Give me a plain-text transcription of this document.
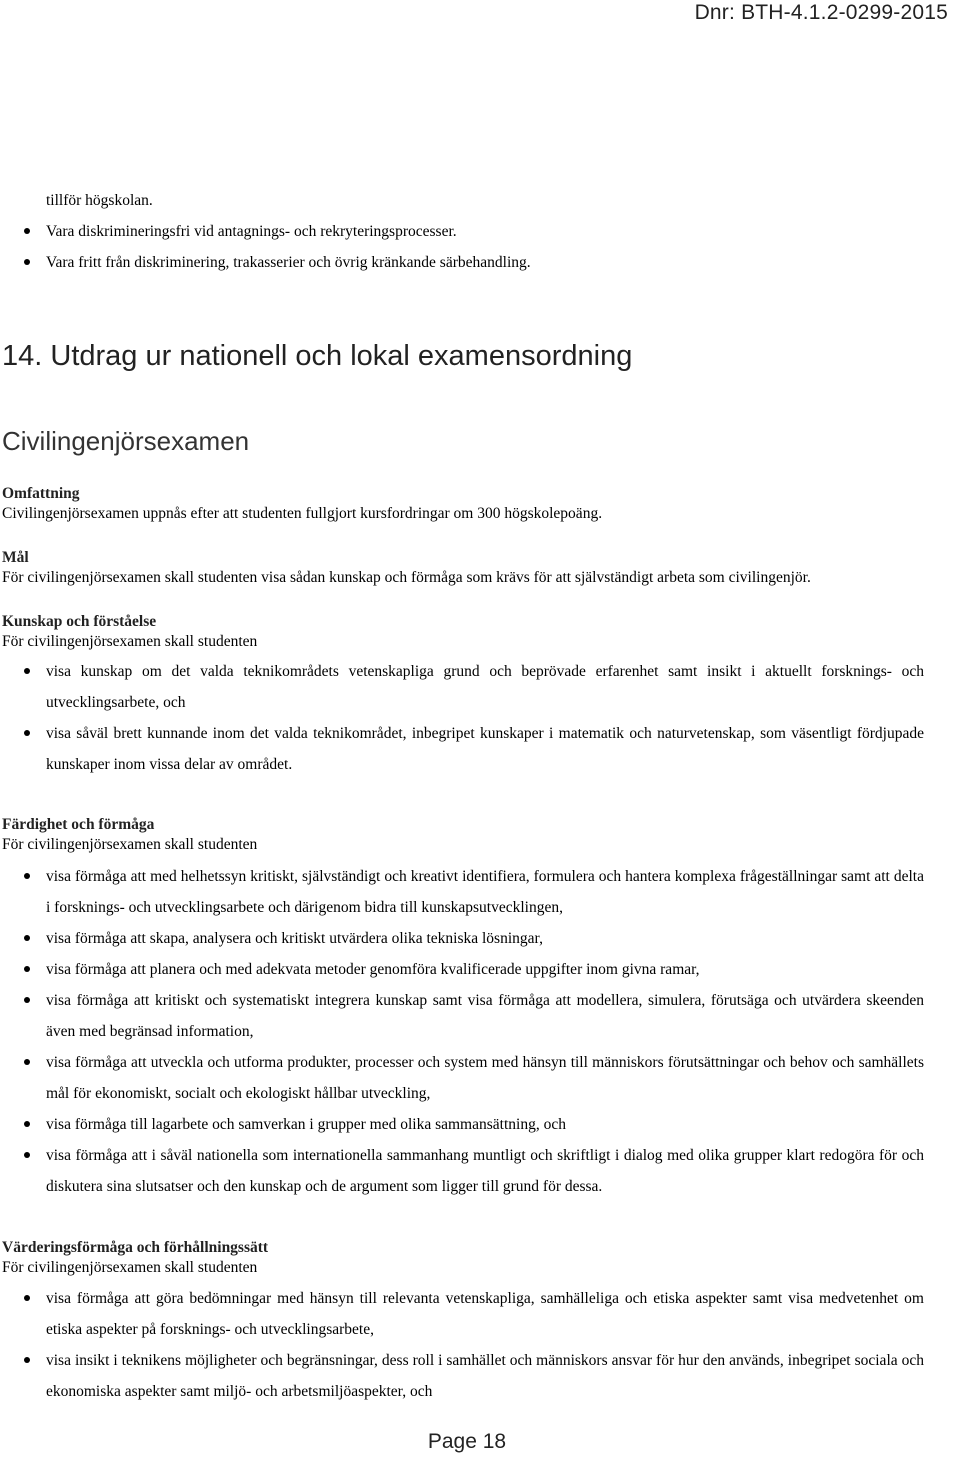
Dnr: BTH-4.1.2-0299-2015
tillför högskolan.
Vara diskrimineringsfri vid antagnings- och rekryteringsprocesser.
Vara fritt från diskriminering, trakasserier och övrig kränkande särbehandling.
14. Utdrag ur nationell och lokal examensordning
Civilingenjörsexamen
Omfattning
Civilingenjörsexamen uppnås efter att studenten fullgjort kursfordringar om 300 högskolepoäng.
Mål
För civilingenjörsexamen skall studenten visa sådan kunskap och förmåga som krävs för att självständigt arbeta som civilingenjör.
Kunskap och förståelse
För civilingenjörsexamen skall studenten
visa kunskap om det valda teknikområdets vetenskapliga grund och beprövade erfarenhet samt insikt i aktuellt forsknings- och utvecklingsarbete, och
visa såväl brett kunnande inom det valda teknikområdet, inbegripet kunskaper i matematik och naturvetenskap, som väsentligt fördjupade kunskaper inom vissa delar av området.
Färdighet och förmåga
För civilingenjörsexamen skall studenten
visa förmåga att med helhetssyn kritiskt, självständigt och kreativt identifiera, formulera och hantera komplexa frågeställningar samt att delta i forsknings- och utvecklingsarbete och därigenom bidra till kunskapsutvecklingen,
visa förmåga att skapa, analysera och kritiskt utvärdera olika tekniska lösningar,
visa förmåga att planera och med adekvata metoder genomföra kvalificerade uppgifter inom givna ramar,
visa förmåga att kritiskt och systematiskt integrera kunskap samt visa förmåga att modellera, simulera, förutsäga och utvärdera skeenden även med begränsad information,
visa förmåga att utveckla och utforma produkter, processer och system med hänsyn till människors förutsättningar och behov och samhällets mål för ekonomiskt, socialt och ekologiskt hållbar utveckling,
visa förmåga till lagarbete och samverkan i grupper med olika sammansättning, och
visa förmåga att i såväl nationella som internationella sammanhang muntligt och skriftligt i dialog med olika grupper klart redogöra för och diskutera sina slutsatser och den kunskap och de argument som ligger till grund för dessa.
Värderingsförmåga och förhållningssätt
För civilingenjörsexamen skall studenten
visa förmåga att göra bedömningar med hänsyn till relevanta vetenskapliga, samhälleliga och etiska aspekter samt visa medvetenhet om etiska aspekter på forsknings- och utvecklingsarbete,
visa insikt i teknikens möjligheter och begränsningar, dess roll i samhället och människors ansvar för hur den används, inbegripet sociala och ekonomiska aspekter samt miljö- och arbetsmiljöaspekter, och
Page 18
